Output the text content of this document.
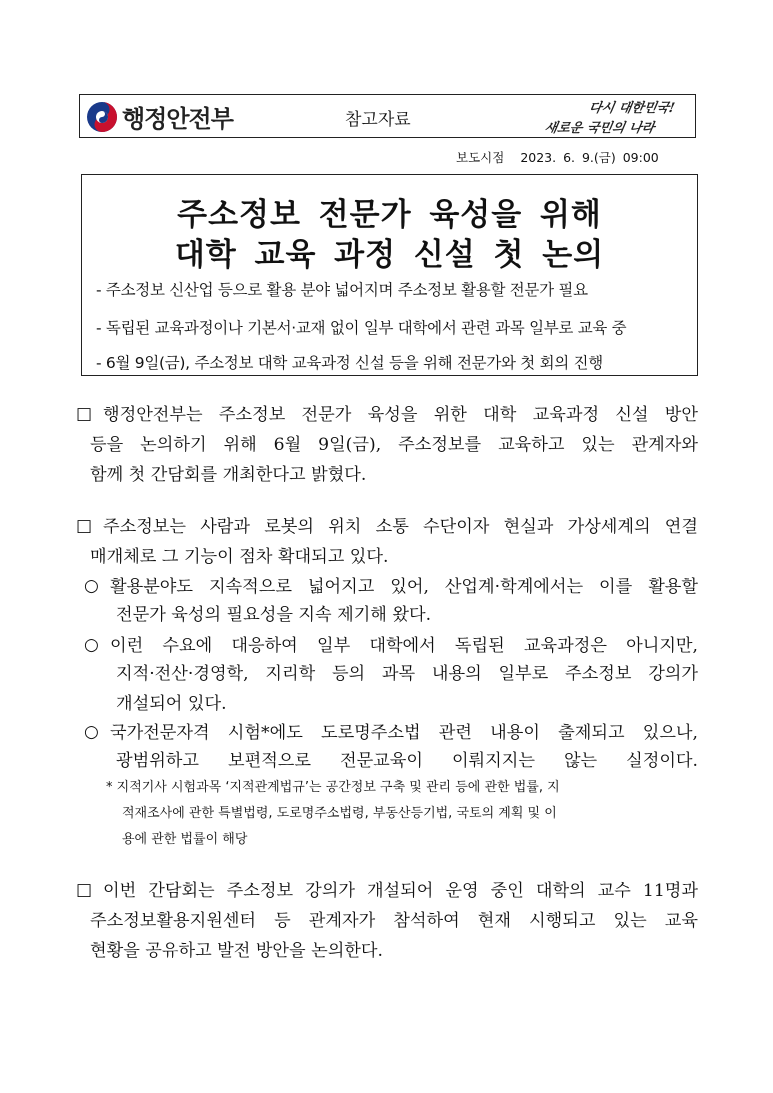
행정안전부	참고자료
다시 대한민국!
새로운 국민의 나라
보도시점 2023. 6. 9.(금) 09:00
주소정보 전문가 육성을 위해
대학 교육 과정 신설 첫 논의
- 주소정보 신산업 등으로 활용 분야 넓어지며 주소정보 활용할 전문가 필요
- 독립된 교육과정이나 기본서·교재 없이 일부 대학에서 관련 과목 일부로 교육 중
- 6월 9일(금), 주소정보 대학 교육과정 신설 등을 위해 전문가와 첫 회의 진행
□ 행정안전부는 주소정보 전문가 육성을 위한 대학 교육과정 신설 방안
등을 논의하기 위해 6월 9일(금), 주소정보를 교육하고 있는 관계자와
함께 첫 간담회를 개최한다고 밝혔다.
□ 주소정보는 사람과 로봇의 위치 소통 수단이자 현실과 가상세계의 연결
매개체로 그 기능이 점차 확대되고 있다.
○ 활용분야도 지속적으로 넓어지고 있어, 산업계·학계에서는 이를 활용할
전문가 육성의 필요성을 지속 제기해 왔다.
○ 이런 수요에 대응하여 일부 대학에서 독립된 교육과정은 아니지만,
지적·전산·경영학, 지리학 등의 과목 내용의 일부로 주소정보 강의가
개설되어 있다.
○ 국가전문자격 시험*에도 도로명주소법 관련 내용이 출제되고 있으나,
광범위하고 보편적으로 전문교육이 이뤄지지는 않는 실정이다.
* 지적기사 시험과목 ‘지적관계법규’는 공간정보 구축 및 관리 등에 관한 법률, 지
적재조사에 관한 특별법령, 도로명주소법령, 부동산등기법, 국토의 계획 및 이
용에 관한 법률이 해당
□ 이번 간담회는 주소정보 강의가 개설되어 운영 중인 대학의 교수 11명과
주소정보활용지원센터 등 관계자가 참석하여 현재 시행되고 있는 교육
현황을 공유하고 발전 방안을 논의한다.
